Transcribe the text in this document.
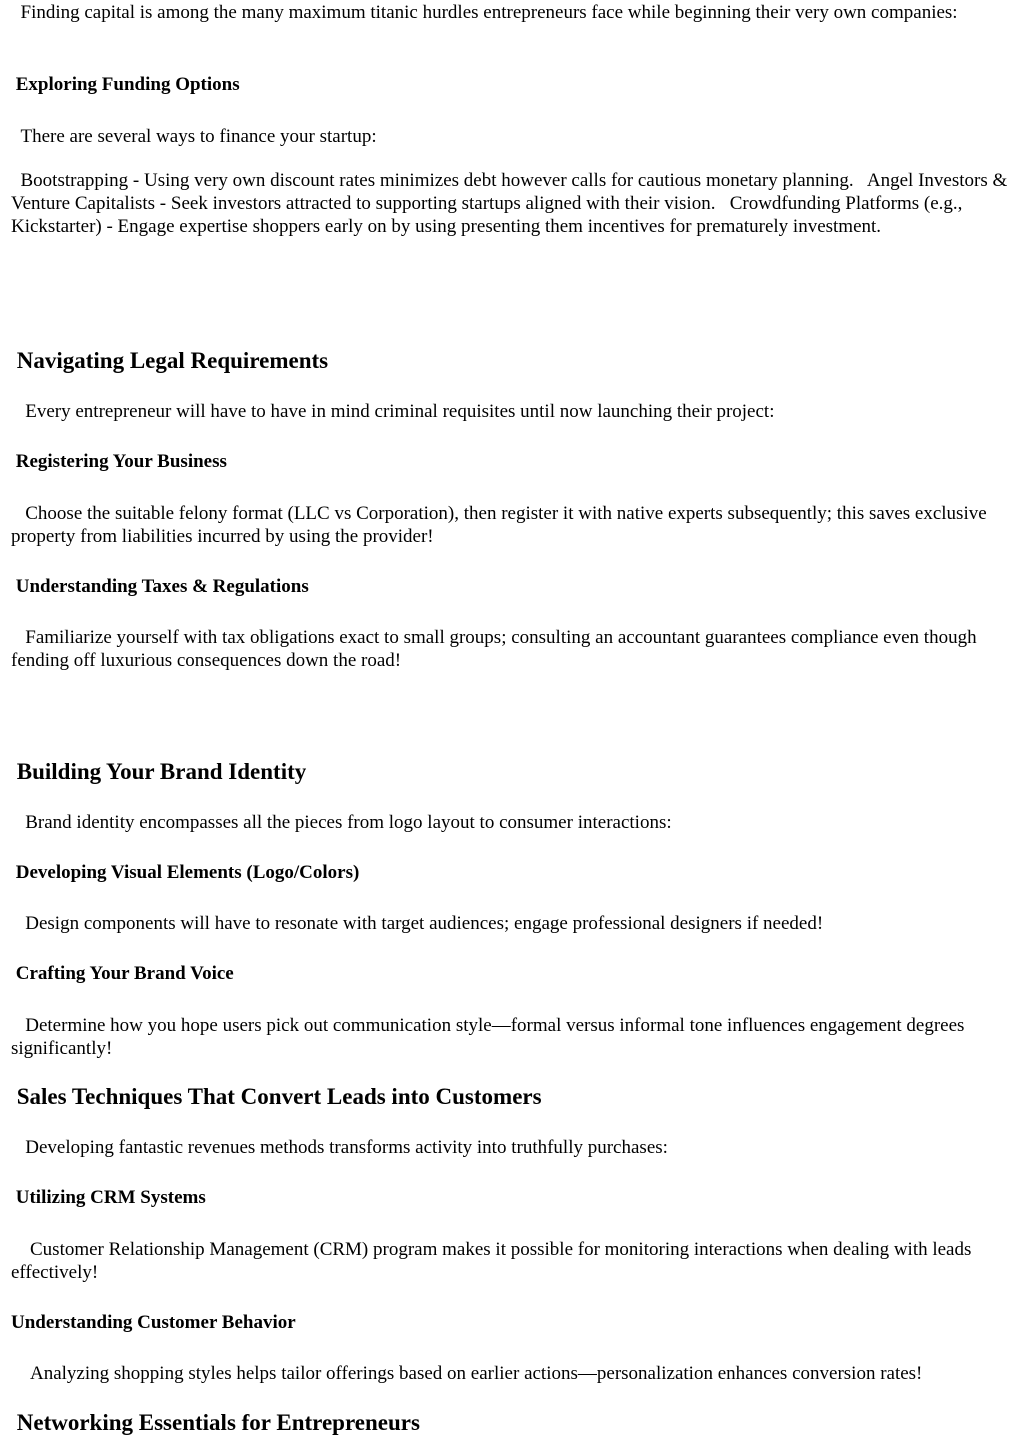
Finding capital is among the many maximum titanic hurdles entrepreneurs face while beginning their very own companies:

Exploring Funding Options

There are several ways to finance your startup:

Bootstrapping - Using very own discount rates minimizes debt however calls for cautious monetary planning.   Angel Investors & Venture Capitalists - Seek investors attracted to supporting startups aligned with their vision.   Crowdfunding Platforms (e.g., Kickstarter) - Engage expertise shoppers early on by using presenting them incentives for prematurely investment.

Navigating Legal Requirements

Every entrepreneur will have to have in mind criminal requisites until now launching their project:

Registering Your Business

Choose the suitable felony format (LLC vs Corporation), then register it with native experts subsequently; this saves exclusive property from liabilities incurred by using the provider!

Understanding Taxes & Regulations

Familiarize yourself with tax obligations exact to small groups; consulting an accountant guarantees compliance even though fending off luxurious consequences down the road!

Building Your Brand Identity

Brand identity encompasses all the pieces from logo layout to consumer interactions:

Developing Visual Elements (Logo/Colors)

Design components will have to resonate with target audiences; engage professional designers if needed!

Crafting Your Brand Voice

Determine how you hope users pick out communication style—formal versus informal tone influences engagement degrees significantly!

Sales Techniques That Convert Leads into Customers

Developing fantastic revenues methods transforms activity into truthfully purchases:

Utilizing CRM Systems

Customer Relationship Management (CRM) program makes it possible for monitoring interactions when dealing with leads effectively!

Understanding Customer Behavior

Analyzing shopping styles helps tailor offerings based on earlier actions—personalization enhances conversion rates!

Networking Essentials for Entrepreneurs
